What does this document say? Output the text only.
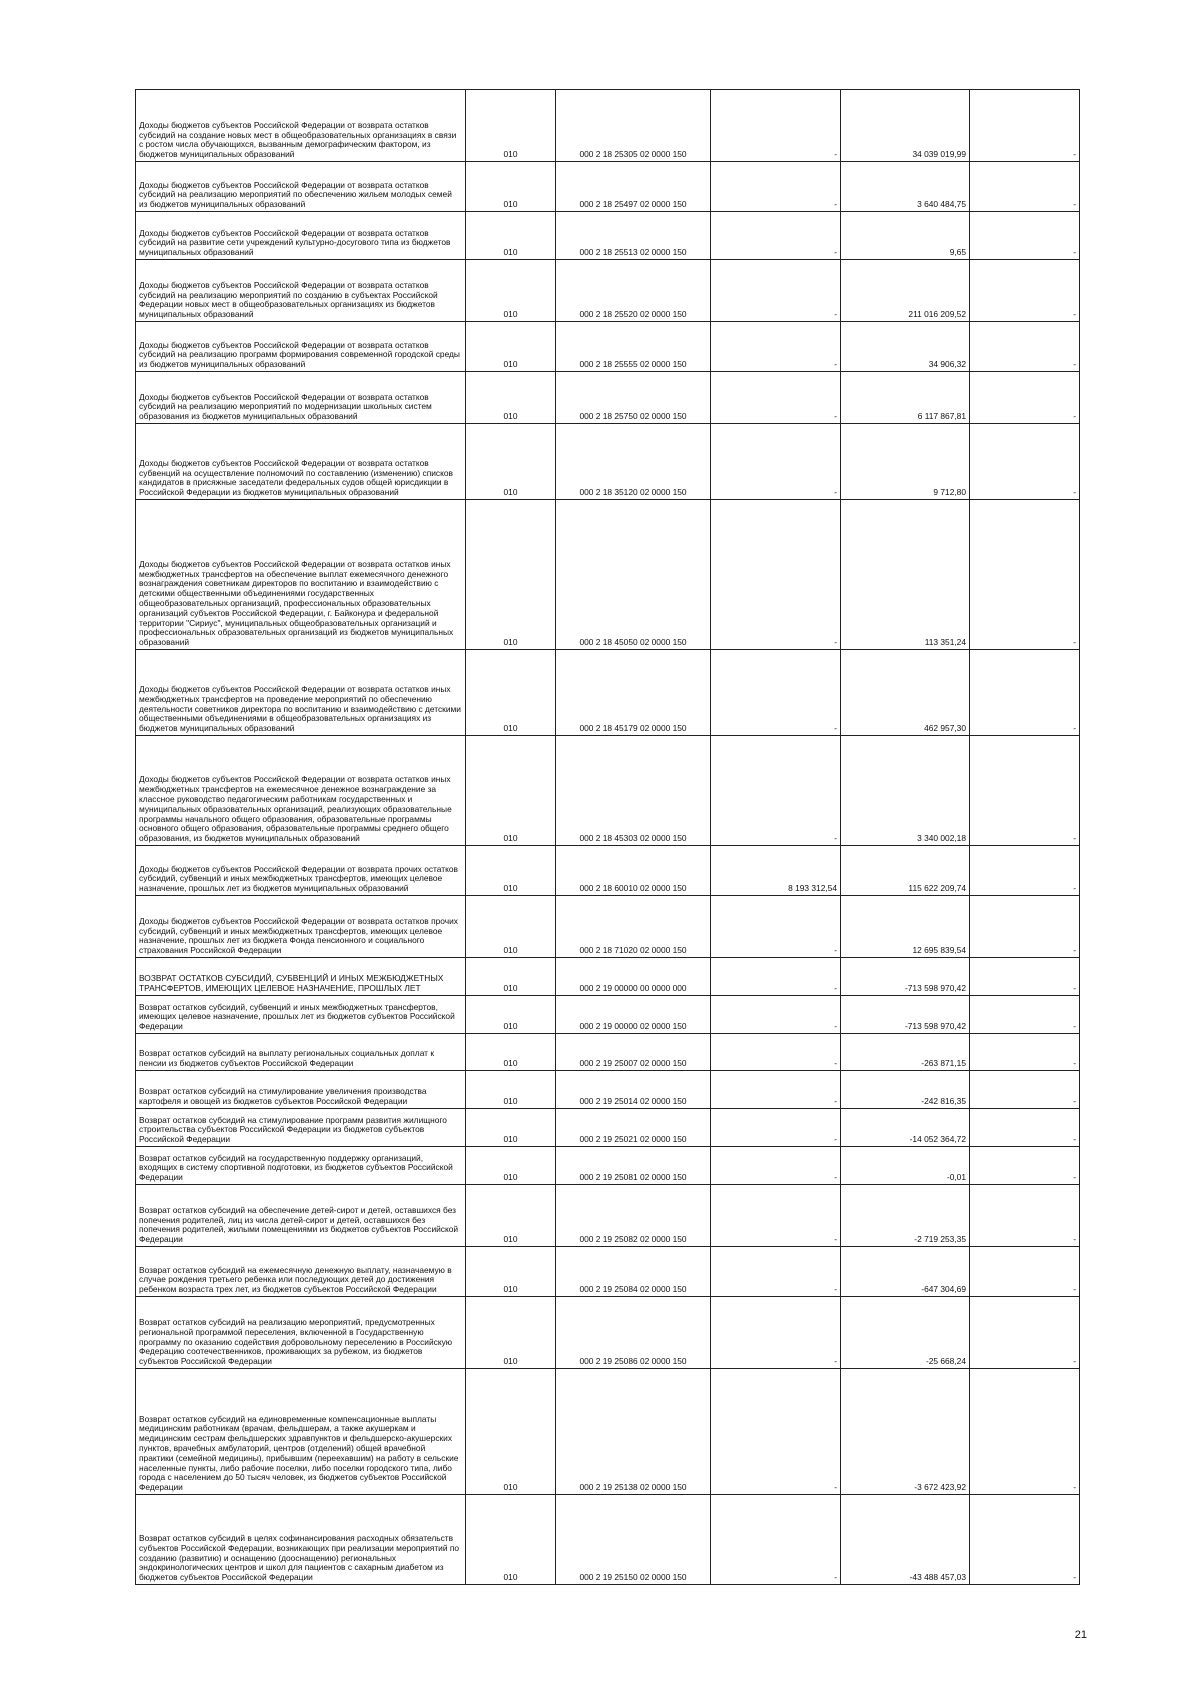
Доходы бюджетов субъектов Российской Федерации от возврата остатков субсидий на создание новых мест в общеобразовательных организациях в связи с ростом числа обучающихся, вызванным демографическим фактором, из бюджетов муниципальных образований	010	000 2 18 25305 02 0000 150	-	34 039 019,99	-
Доходы бюджетов субъектов Российской Федерации от возврата остатков субсидий на реализацию мероприятий по обеспечению жильем молодых семей из бюджетов муниципальных образований	010	000 2 18 25497 02 0000 150	-	3 640 484,75	-
Доходы бюджетов субъектов Российской Федерации от возврата остатков субсидий на развитие сети учреждений культурно-досугового типа из бюджетов муниципальных образований	010	000 2 18 25513 02 0000 150	-	9,65	-
Доходы бюджетов субъектов Российской Федерации от возврата остатков субсидий на реализацию мероприятий по созданию в субъектах Российской Федерации новых мест в общеобразовательных организациях из бюджетов муниципальных образований	010	000 2 18 25520 02 0000 150	-	211 016 209,52	-
Доходы бюджетов субъектов Российской Федерации от возврата остатков субсидий на реализацию программ формирования современной городской среды из бюджетов муниципальных образований	010	000 2 18 25555 02 0000 150	-	34 906,32	-
Доходы бюджетов субъектов Российской Федерации от возврата остатков субсидий на реализацию мероприятий по модернизации школьных систем образования из бюджетов муниципальных образований	010	000 2 18 25750 02 0000 150	-	6 117 867,81	-
Доходы бюджетов субъектов Российской Федерации от возврата остатков субвенций на осуществление полномочий по составлению (изменению) списков кандидатов в присяжные заседатели федеральных судов общей юрисдикции в Российской Федерации из бюджетов муниципальных образований	010	000 2 18 35120 02 0000 150	-	9 712,80	-
Доходы бюджетов субъектов Российской Федерации от возврата остатков иных межбюджетных трансфертов на обеспечение выплат ежемесячного денежного вознаграждения советникам директоров по воспитанию и взаимодействию с детскими общественными объединениями государственных общеобразовательных организаций, профессиональных образовательных организаций субъектов Российской Федерации, г. Байконура и федеральной территории "Сириус", муниципальных общеобразовательных организаций и профессиональных образовательных организаций из бюджетов муниципальных образований	010	000 2 18 45050 02 0000 150	-	113 351,24	-
Доходы бюджетов субъектов Российской Федерации от возврата остатков иных межбюджетных трансфертов на проведение мероприятий по обеспечению деятельности советников директора по воспитанию и взаимодействию с детскими общественными объединениями в общеобразовательных организациях из бюджетов муниципальных образований	010	000 2 18 45179 02 0000 150	-	462 957,30	-
Доходы бюджетов субъектов Российской Федерации от возврата остатков иных межбюджетных трансфертов на ежемесячное денежное вознаграждение за классное руководство педагогическим работникам государственных и муниципальных образовательных организаций, реализующих образовательные программы начального общего образования, образовательные программы основного общего образования, образовательные программы среднего общего образования, из бюджетов муниципальных образований	010	000 2 18 45303 02 0000 150	-	3 340 002,18	-
Доходы бюджетов субъектов Российской Федерации от возврата прочих остатков субсидий, субвенций и иных межбюджетных трансфертов, имеющих целевое назначение, прошлых лет из бюджетов муниципальных образований	010	000 2 18 60010 02 0000 150	8 193 312,54	115 622 209,74	-
Доходы бюджетов субъектов Российской Федерации от возврата остатков прочих субсидий, субвенций и иных межбюджетных трансфертов, имеющих целевое назначение, прошлых лет из бюджета Фонда пенсионного и социального страхования Российской Федерации	010	000 2 18 71020 02 0000 150	-	12 695 839,54	-
ВОЗВРАТ ОСТАТКОВ СУБСИДИЙ, СУБВЕНЦИЙ И ИНЫХ МЕЖБЮДЖЕТНЫХ ТРАНСФЕРТОВ, ИМЕЮЩИХ ЦЕЛЕВОЕ НАЗНАЧЕНИЕ, ПРОШЛЫХ ЛЕТ	010	000 2 19 00000 00 0000 000	-	-713 598 970,42	-
Возврат остатков субсидий, субвенций и иных межбюджетных трансфертов, имеющих целевое назначение, прошлых лет из бюджетов субъектов Российской Федерации	010	000 2 19 00000 02 0000 150	-	-713 598 970,42	-
Возврат остатков субсидий на выплату региональных социальных доплат к пенсии из бюджетов субъектов Российской Федерации	010	000 2 19 25007 02 0000 150	-	-263 871,15	-
Возврат остатков субсидий на стимулирование увеличения производства картофеля и овощей из бюджетов субъектов Российской Федерации	010	000 2 19 25014 02 0000 150	-	-242 816,35	-
Возврат остатков субсидий на стимулирование программ развития жилищного строительства субъектов Российской Федерации из бюджетов субъектов Российской Федерации	010	000 2 19 25021 02 0000 150	-	-14 052 364,72	-
Возврат остатков субсидий на государственную поддержку организаций, входящих в систему спортивной подготовки, из бюджетов субъектов Российской Федерации	010	000 2 19 25081 02 0000 150	-	-0,01	-
Возврат остатков субсидий на обеспечение детей-сирот и детей, оставшихся без попечения родителей, лиц из числа детей-сирот и детей, оставшихся без попечения родителей, жилыми помещениями из бюджетов субъектов Российской Федерации	010	000 2 19 25082 02 0000 150	-	-2 719 253,35	-
Возврат остатков субсидий на ежемесячную денежную выплату, назначаемую в случае рождения третьего ребенка или последующих детей до достижения ребенком возраста трех лет, из бюджетов субъектов Российской Федерации	010	000 2 19 25084 02 0000 150	-	-647 304,69	-
Возврат остатков субсидий на реализацию мероприятий, предусмотренных региональной программой переселения, включенной в Государственную программу по оказанию содействия добровольному переселению в Российскую Федерацию соотечественников, проживающих за рубежом, из бюджетов субъектов Российской Федерации	010	000 2 19 25086 02 0000 150	-	-25 668,24	-
Возврат остатков субсидий на единовременные компенсационные выплаты медицинским работникам (врачам, фельдшерам, а также акушеркам и медицинским сестрам фельдшерских здравпунктов и фельдшерско-акушерских пунктов, врачебных амбулаторий, центров (отделений) общей врачебной практики (семейной медицины), прибывшим (переехавшим) на работу в сельские населенные пункты, либо рабочие поселки, либо поселки городского типа, либо города с населением до 50 тысяч человек, из бюджетов субъектов Российской Федерации	010	000 2 19 25138 02 0000 150	-	-3 672 423,92	-
Возврат остатков субсидий в целях софинансирования расходных обязательств субъектов Российской Федерации, возникающих при реализации мероприятий по созданию (развитию) и оснащению (дооснащению) региональных эндокринологических центров и школ для пациентов с сахарным диабетом из бюджетов субъектов Российской Федерации	010	000 2 19 25150 02 0000 150	-	-43 488 457,03	-
21
